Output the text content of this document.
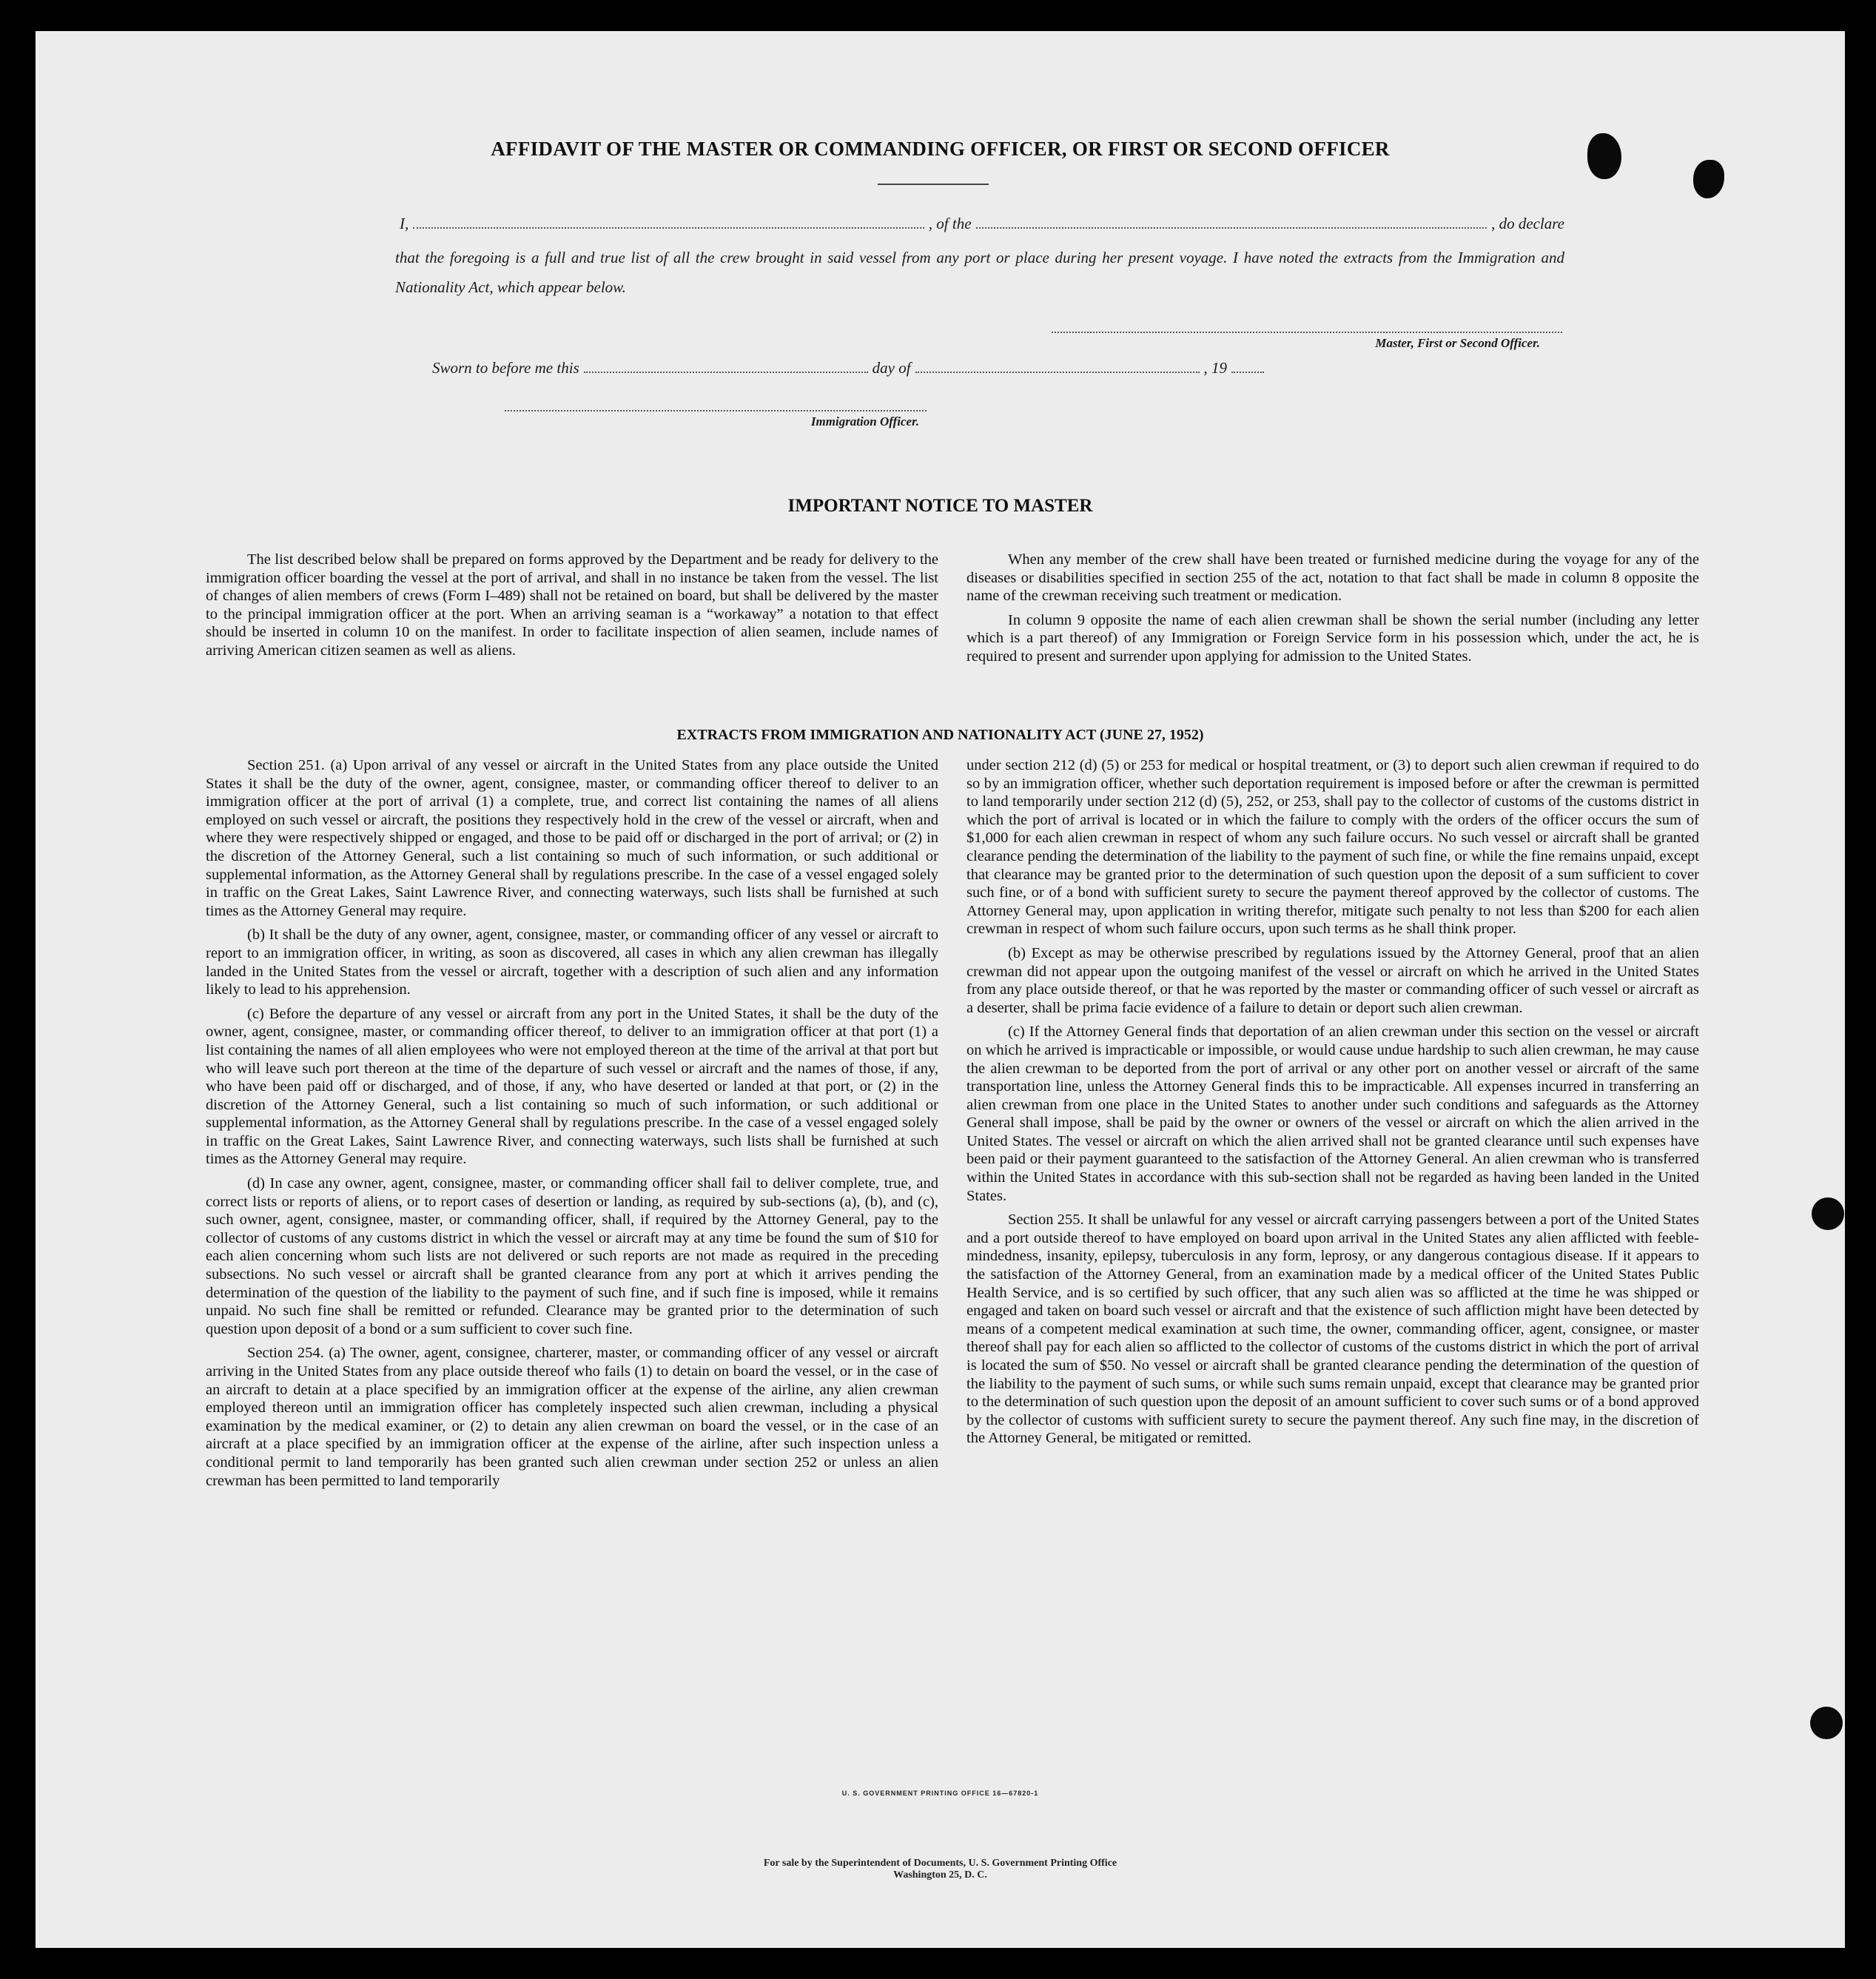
AFFIDAVIT OF THE MASTER OR COMMANDING OFFICER, OR FIRST OR SECOND OFFICER
I,	, of the	, do declare
that the foregoing is a full and true list of all the crew brought in said vessel from any port or place during her present voyage. I have noted the extracts from the Immigration and Nationality Act, which appear below.
Master, First or Second Officer.
Sworn to before me this	day of	, 19
Immigration Officer.
IMPORTANT NOTICE TO MASTER

The list described below shall be prepared on forms approved by the Department and be ready for delivery to the immigration officer boarding the vessel at the port of arrival, and shall in no instance be taken from the vessel. The list of changes of alien members of crews (Form I–489) shall not be retained on board, but shall be delivered by the master to the principal immigration officer at the port. When an arriving seaman is a “workaway” a notation to that effect should be inserted in column 10 on the manifest. In order to facilitate inspection of alien seamen, include names of arriving American citizen seamen as well as aliens.

When any member of the crew shall have been treated or furnished medicine during the voyage for any of the diseases or disabilities specified in section 255 of the act, notation to that fact shall be made in column 8 opposite the name of the crewman receiving such treatment or medication.

In column 9 opposite the name of each alien crewman shall be shown the serial number (including any letter which is a part thereof) of any Immigration or Foreign Service form in his possession which, under the act, he is required to present and surrender upon applying for admission to the United States.

EXTRACTS FROM IMMIGRATION AND NATIONALITY ACT (JUNE 27, 1952)

Section 251. (a) Upon arrival of any vessel or aircraft in the United States from any place outside the United States it shall be the duty of the owner, agent, consignee, master, or commanding officer thereof to deliver to an immigration officer at the port of arrival (1) a complete, true, and correct list containing the names of all aliens employed on such vessel or aircraft, the positions they respectively hold in the crew of the vessel or aircraft, when and where they were respectively shipped or engaged, and those to be paid off or discharged in the port of arrival; or (2) in the discretion of the Attorney General, such a list containing so much of such information, or such additional or supplemental information, as the Attorney General shall by regulations prescribe. In the case of a vessel engaged solely in traffic on the Great Lakes, Saint Lawrence River, and connecting waterways, such lists shall be furnished at such times as the Attorney General may require.

(b) It shall be the duty of any owner, agent, consignee, master, or commanding officer of any vessel or aircraft to report to an immigration officer, in writing, as soon as discovered, all cases in which any alien crewman has illegally landed in the United States from the vessel or aircraft, together with a description of such alien and any information likely to lead to his apprehension.

(c) Before the departure of any vessel or aircraft from any port in the United States, it shall be the duty of the owner, agent, consignee, master, or commanding officer thereof, to deliver to an immigration officer at that port (1) a list containing the names of all alien employees who were not employed thereon at the time of the arrival at that port but who will leave such port thereon at the time of the departure of such vessel or aircraft and the names of those, if any, who have been paid off or discharged, and of those, if any, who have deserted or landed at that port, or (2) in the discretion of the Attorney General, such a list containing so much of such information, or such additional or supplemental information, as the Attorney General shall by regulations prescribe. In the case of a vessel engaged solely in traffic on the Great Lakes, Saint Lawrence River, and connecting waterways, such lists shall be furnished at such times as the Attorney General may require.

(d) In case any owner, agent, consignee, master, or commanding officer shall fail to deliver complete, true, and correct lists or reports of aliens, or to report cases of desertion or landing, as required by sub-sections (a), (b), and (c), such owner, agent, consignee, master, or commanding officer, shall, if required by the Attorney General, pay to the collector of customs of any customs district in which the vessel or aircraft may at any time be found the sum of $10 for each alien concerning whom such lists are not delivered or such reports are not made as required in the preceding subsections. No such vessel or aircraft shall be granted clearance from any port at which it arrives pending the determination of the question of the liability to the payment of such fine, and if such fine is imposed, while it remains unpaid. No such fine shall be remitted or refunded. Clearance may be granted prior to the determination of such question upon deposit of a bond or a sum sufficient to cover such fine.

Section 254. (a) The owner, agent, consignee, charterer, master, or commanding officer of any vessel or aircraft arriving in the United States from any place outside thereof who fails (1) to detain on board the vessel, or in the case of an aircraft to detain at a place specified by an immigration officer at the expense of the airline, any alien crewman employed thereon until an immigration officer has completely inspected such alien crewman, including a physical examination by the medical examiner, or (2) to detain any alien crewman on board the vessel, or in the case of an aircraft at a place specified by an immigration officer at the expense of the airline, after such inspection unless a conditional permit to land temporarily has been granted such alien crewman under section 252 or unless an alien crewman has been permitted to land temporarily

under section 212 (d) (5) or 253 for medical or hospital treatment, or (3) to deport such alien crewman if required to do so by an immigration officer, whether such deportation requirement is imposed before or after the crewman is permitted to land temporarily under section 212 (d) (5), 252, or 253, shall pay to the collector of customs of the customs district in which the port of arrival is located or in which the failure to comply with the orders of the officer occurs the sum of $1,000 for each alien crewman in respect of whom any such failure occurs. No such vessel or aircraft shall be granted clearance pending the determination of the liability to the payment of such fine, or while the fine remains unpaid, except that clearance may be granted prior to the determination of such question upon the deposit of a sum sufficient to cover such fine, or of a bond with sufficient surety to secure the payment thereof approved by the collector of customs. The Attorney General may, upon application in writing therefor, mitigate such penalty to not less than $200 for each alien crewman in respect of whom such failure occurs, upon such terms as he shall think proper.

(b) Except as may be otherwise prescribed by regulations issued by the Attorney General, proof that an alien crewman did not appear upon the outgoing manifest of the vessel or aircraft on which he arrived in the United States from any place outside thereof, or that he was reported by the master or commanding officer of such vessel or aircraft as a deserter, shall be prima facie evidence of a failure to detain or deport such alien crewman.

(c) If the Attorney General finds that deportation of an alien crewman under this section on the vessel or aircraft on which he arrived is impracticable or impossible, or would cause undue hardship to such alien crewman, he may cause the alien crewman to be deported from the port of arrival or any other port on another vessel or aircraft of the same transportation line, unless the Attorney General finds this to be impracticable. All expenses incurred in transferring an alien crewman from one place in the United States to another under such conditions and safeguards as the Attorney General shall impose, shall be paid by the owner or owners of the vessel or aircraft on which the alien arrived in the United States. The vessel or aircraft on which the alien arrived shall not be granted clearance until such expenses have been paid or their payment guaranteed to the satisfaction of the Attorney General. An alien crewman who is transferred within the United States in accordance with this sub-section shall not be regarded as having been landed in the United States.

Section 255. It shall be unlawful for any vessel or aircraft carrying passengers between a port of the United States and a port outside thereof to have employed on board upon arrival in the United States any alien afflicted with feeble-mindedness, insanity, epilepsy, tuberculosis in any form, leprosy, or any dangerous contagious disease. If it appears to the satisfaction of the Attorney General, from an examination made by a medical officer of the United States Public Health Service, and is so certified by such officer, that any such alien was so afflicted at the time he was shipped or engaged and taken on board such vessel or aircraft and that the existence of such affliction might have been detected by means of a competent medical examination at such time, the owner, commanding officer, agent, consignee, or master thereof shall pay for each alien so afflicted to the collector of customs of the customs district in which the port of arrival is located the sum of $50. No vessel or aircraft shall be granted clearance pending the determination of the question of the liability to the payment of such sums, or while such sums remain unpaid, except that clearance may be granted prior to the determination of such question upon the deposit of an amount sufficient to cover such sums or of a bond approved by the collector of customs with sufficient surety to secure the payment thereof. Any such fine may, in the discretion of the Attorney General, be mitigated or remitted.

U. S. GOVERNMENT PRINTING OFFICE 16—67820-1
For sale by the Superintendent of Documents, U. S. Government Printing Office
Washington 25, D. C.
